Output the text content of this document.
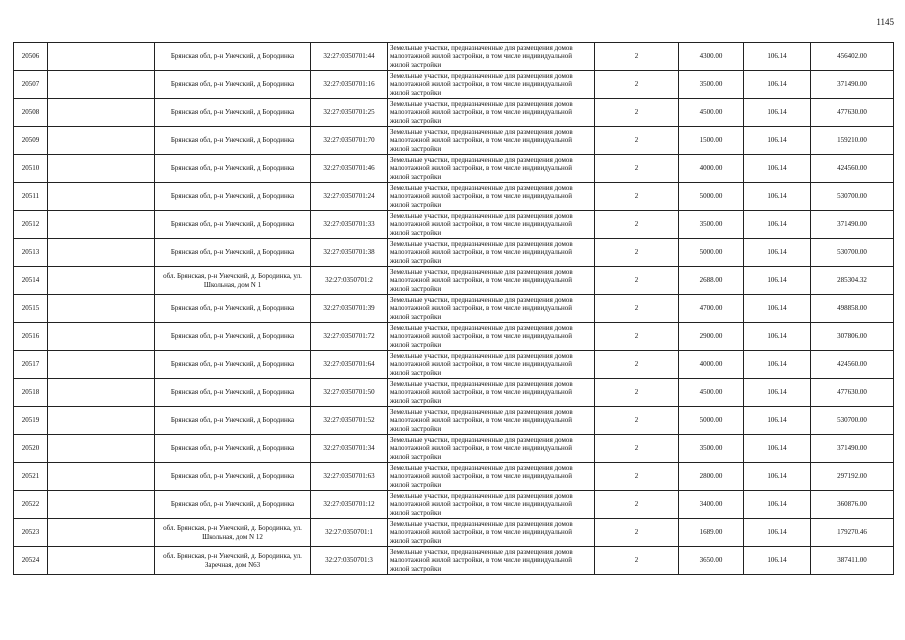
1145
20506		Брянская обл, р-н Унечский, д Бородинка	32:27:0350701:44	Земельные участки, предназначенные для размещения домов малоэтажной жилой застройки, в том числе индивидуальной жилой застройки	2	4300.00	106.14	456402.00
20507		Брянская обл, р-н Унечский, д Бородинка	32:27:0350701:16	Земельные участки, предназначенные для размещения домов малоэтажной жилой застройки, в том числе индивидуальной жилой застройки	2	3500.00	106.14	371490.00
20508		Брянская обл, р-н Унечский, д Бородинка	32:27:0350701:25	Земельные участки, предназначенные для размещения домов малоэтажной жилой застройки, в том числе индивидуальной жилой застройки	2	4500.00	106.14	477630.00
20509		Брянская обл, р-н Унечский, д Бородинка	32:27:0350701:70	Земельные участки, предназначенные для размещения домов малоэтажной жилой застройки, в том числе индивидуальной жилой застройки	2	1500.00	106.14	159210.00
20510		Брянская обл, р-н Унечский, д Бородинка	32:27:0350701:46	Земельные участки, предназначенные для размещения домов малоэтажной жилой застройки, в том числе индивидуальной жилой застройки	2	4000.00	106.14	424560.00
20511		Брянская обл, р-н Унечский, д Бородинка	32:27:0350701:24	Земельные участки, предназначенные для размещения домов малоэтажной жилой застройки, в том числе индивидуальной жилой застройки	2	5000.00	106.14	530700.00
20512		Брянская обл, р-н Унечский, д Бородинка	32:27:0350701:33	Земельные участки, предназначенные для размещения домов малоэтажной жилой застройки, в том числе индивидуальной жилой застройки	2	3500.00	106.14	371490.00
20513		Брянская обл, р-н Унечский, д Бородинка	32:27:0350701:38	Земельные участки, предназначенные для размещения домов малоэтажной жилой застройки, в том числе индивидуальной жилой застройки	2	5000.00	106.14	530700.00
20514		обл. Брянская, р-н Унечский, д. Бородинка, ул. Школьная, дом N 1	32:27:0350701:2	Земельные участки, предназначенные для размещения домов малоэтажной жилой застройки, в том числе индивидуальной жилой застройки	2	2688.00	106.14	285304.32
20515		Брянская обл, р-н Унечский, д Бородинка	32:27:0350701:39	Земельные участки, предназначенные для размещения домов малоэтажной жилой застройки, в том числе индивидуальной жилой застройки	2	4700.00	106.14	498858.00
20516		Брянская обл, р-н Унечский, д Бородинка	32:27:0350701:72	Земельные участки, предназначенные для размещения домов малоэтажной жилой застройки, в том числе индивидуальной жилой застройки	2	2900.00	106.14	307806.00
20517		Брянская обл, р-н Унечский, д Бородинка	32:27:0350701:64	Земельные участки, предназначенные для размещения домов малоэтажной жилой застройки, в том числе индивидуальной жилой застройки	2	4000.00	106.14	424560.00
20518		Брянская обл, р-н Унечский, д Бородинка	32:27:0350701:50	Земельные участки, предназначенные для размещения домов малоэтажной жилой застройки, в том числе индивидуальной жилой застройки	2	4500.00	106.14	477630.00
20519		Брянская обл, р-н Унечский, д Бородинка	32:27:0350701:52	Земельные участки, предназначенные для размещения домов малоэтажной жилой застройки, в том числе индивидуальной жилой застройки	2	5000.00	106.14	530700.00
20520		Брянская обл, р-н Унечский, д Бородинка	32:27:0350701:34	Земельные участки, предназначенные для размещения домов малоэтажной жилой застройки, в том числе индивидуальной жилой застройки	2	3500.00	106.14	371490.00
20521		Брянская обл, р-н Унечский, д Бородинка	32:27:0350701:63	Земельные участки, предназначенные для размещения домов малоэтажной жилой застройки, в том числе индивидуальной жилой застройки	2	2800.00	106.14	297192.00
20522		Брянская обл, р-н Унечский, д Бородинка	32:27:0350701:12	Земельные участки, предназначенные для размещения домов малоэтажной жилой застройки, в том числе индивидуальной жилой застройки	2	3400.00	106.14	360876.00
20523		обл. Брянская, р-н Унечский, д. Бородинка, ул. Школьная, дом N 12	32:27:0350701:1	Земельные участки, предназначенные для размещения домов малоэтажной жилой застройки, в том числе индивидуальной жилой застройки	2	1689.00	106.14	179270.46
20524		обл. Брянская, р-н Унечский, д. Бородинка, ул. Заречная, дом N63	32:27:0350701:3	Земельные участки, предназначенные для размещения домов малоэтажной жилой застройки, в том числе индивидуальной жилой застройки	2	3650.00	106.14	387411.00
